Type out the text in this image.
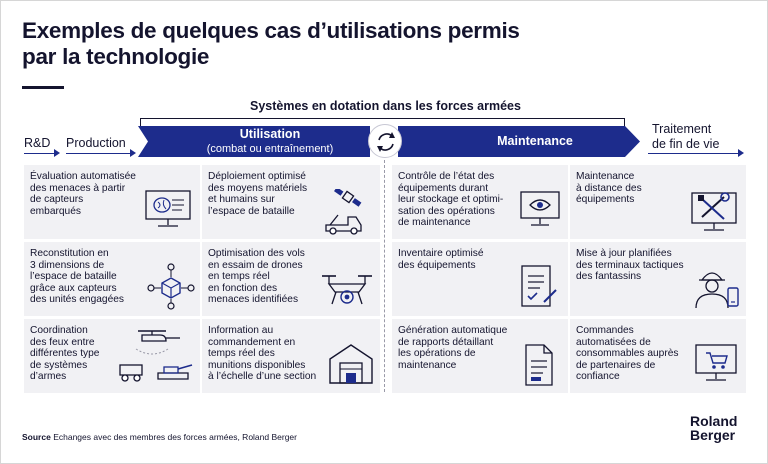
Exemples de quelques cas d’utilisations permis
par la technologie
Systèmes en dotation dans les forces armées
R&D Production
Utilisation
(combat ou entraînement)
Maintenance
Traitement
de fin de vie
Évaluation automatisée
des menaces à partir
de capteurs
embarqués
Déploiement optimisé
des moyens matériels
et humains sur
l’espace de bataille
Contrôle de l’état des
équipements durant
leur stockage et optimi-
sation des opérations
de maintenance
Maintenance
à distance des
équipements
Reconstitution en
3 dimensions de
l’espace de bataille
grâce aux capteurs
des unités engagées
Optimisation des vols
en essaim de drones
en temps réel
en fonction des
menaces identifiées
Inventaire optimisé
des équipements
Mise à jour planifiées
des terminaux tactiques
des fantassins
Coordination
des feux entre
différentes type
de systèmes
d’armes
Information au
commandement en
temps réel des
munitions disponibles
à l’échelle d’une section
Génération automatique
de rapports détaillant
les opérations de
maintenance
Commandes
automatisées de
consommables auprès
de partenaires de
confiance
Source Echanges avec des membres des forces armées, Roland Berger
Roland
Berger
